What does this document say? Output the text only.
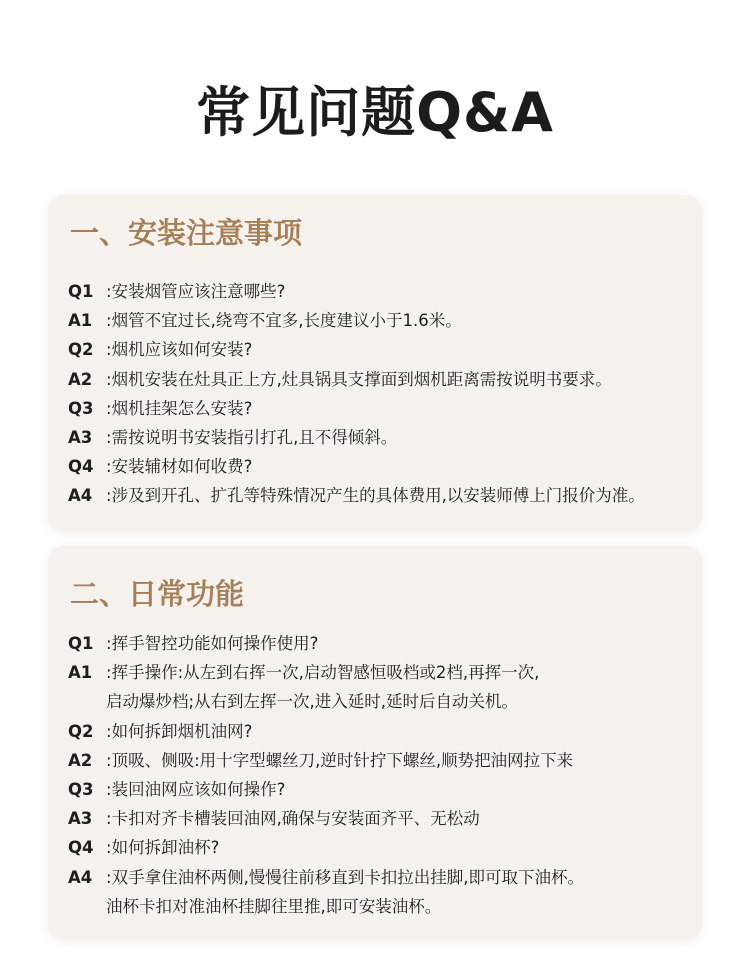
常见问题Q&A
一、安装注意事项
Q1 :安装烟管应该注意哪些?
A1 :烟管不宜过长,绕弯不宜多,长度建议小于1.6米。
Q2 :烟机应该如何安装?
A2 :烟机安装在灶具正上方,灶具锅具支撑面到烟机距离需按说明书要求。
Q3 :烟机挂架怎么安装?
A3 :需按说明书安装指引打孔,且不得倾斜。
Q4 :安装辅材如何收费?
A4 :涉及到开孔、扩孔等特殊情况产生的具体费用,以安装师傅上门报价为准。
二、日常功能
Q1 :挥手智控功能如何操作使用?
A1 :挥手操作:从左到右挥一次,启动智感恒吸档或2档,再挥一次,
启动爆炒档;从右到左挥一次,进入延时,延时后自动关机。
Q2 :如何拆卸烟机油网?
A2 :顶吸、侧吸:用十字型螺丝刀,逆时针拧下螺丝,顺势把油网拉下来
Q3 :装回油网应该如何操作?
A3 :卡扣对齐卡槽装回油网,确保与安装面齐平、无松动
Q4 :如何拆卸油杯?
A4 :双手拿住油杯两侧,慢慢往前移直到卡扣拉出挂脚,即可取下油杯。
油杯卡扣对准油杯挂脚往里推,即可安装油杯。
